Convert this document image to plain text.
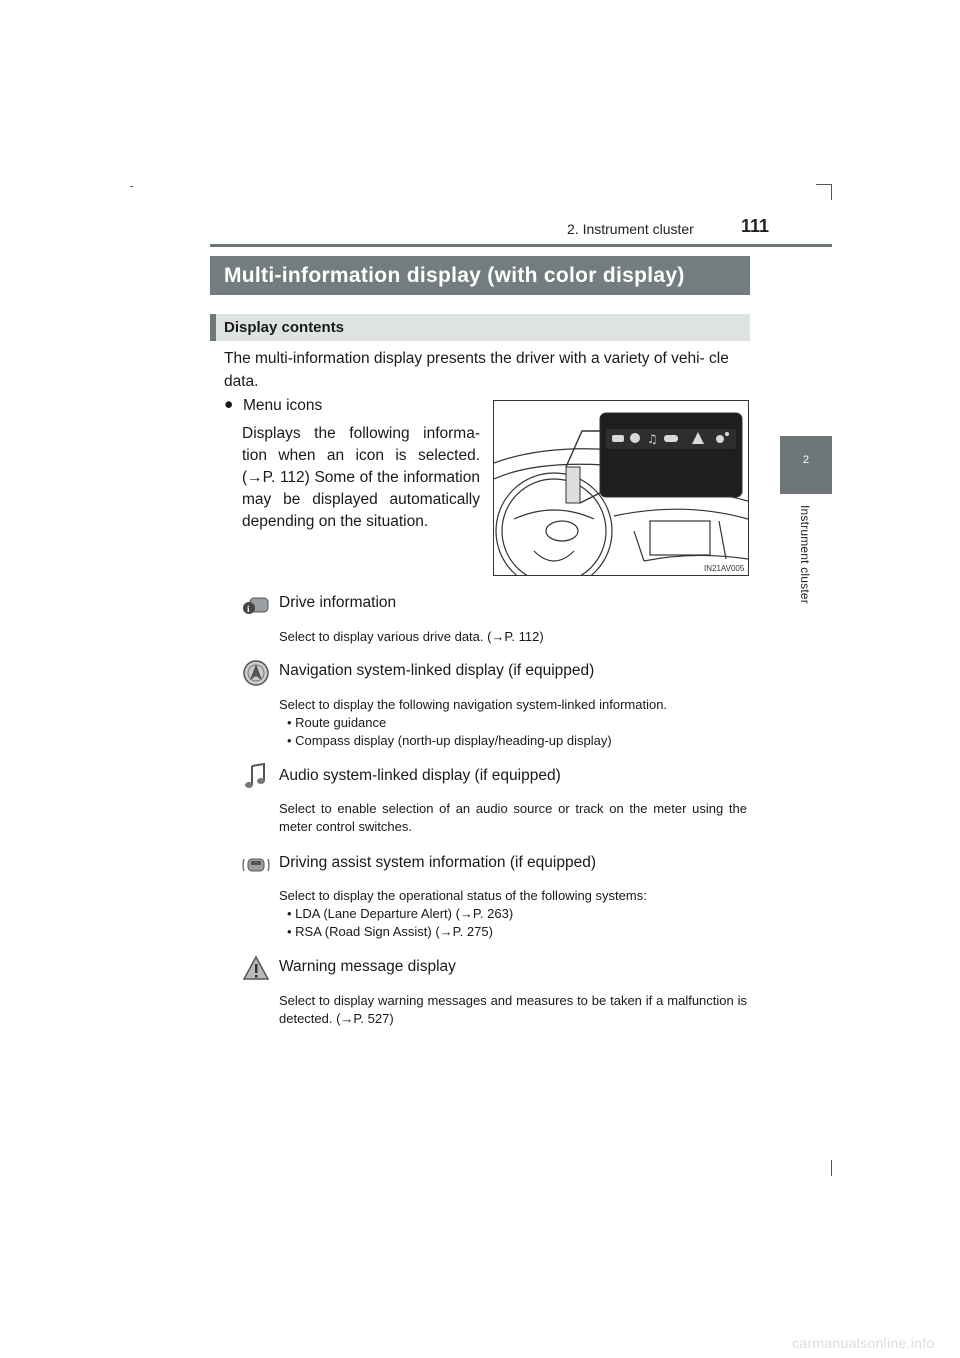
2. Instrument cluster	111
2
Instrument cluster
Multi-information display (with color display)
Display contents
The multi-information display presents the driver with a variety of vehi- cle data.
● Menu icons
Displays the following informa- tion when an icon is selected. (→P. 112) Some of the information may be displayed automatically depending on the situation.
♫
IN21AV005
i Drive information
Select to display various drive data. (→P. 112)
Navigation system-linked display (if equipped)
Select to display the following navigation system-linked information.
• Route guidance
• Compass display (north-up display/heading-up display)
Audio system-linked display (if equipped)
Select to enable selection of an audio source or track on the meter using the meter control switches.
Driving assist system information (if equipped)
Select to display the operational status of the following systems:
• LDA (Lane Departure Alert) (→P. 263)
• RSA (Road Sign Assist) (→P. 275)
Warning message display
Select to display warning messages and measures to be taken if a malfunction is detected. (→P. 527)
carmanualsonline.info
